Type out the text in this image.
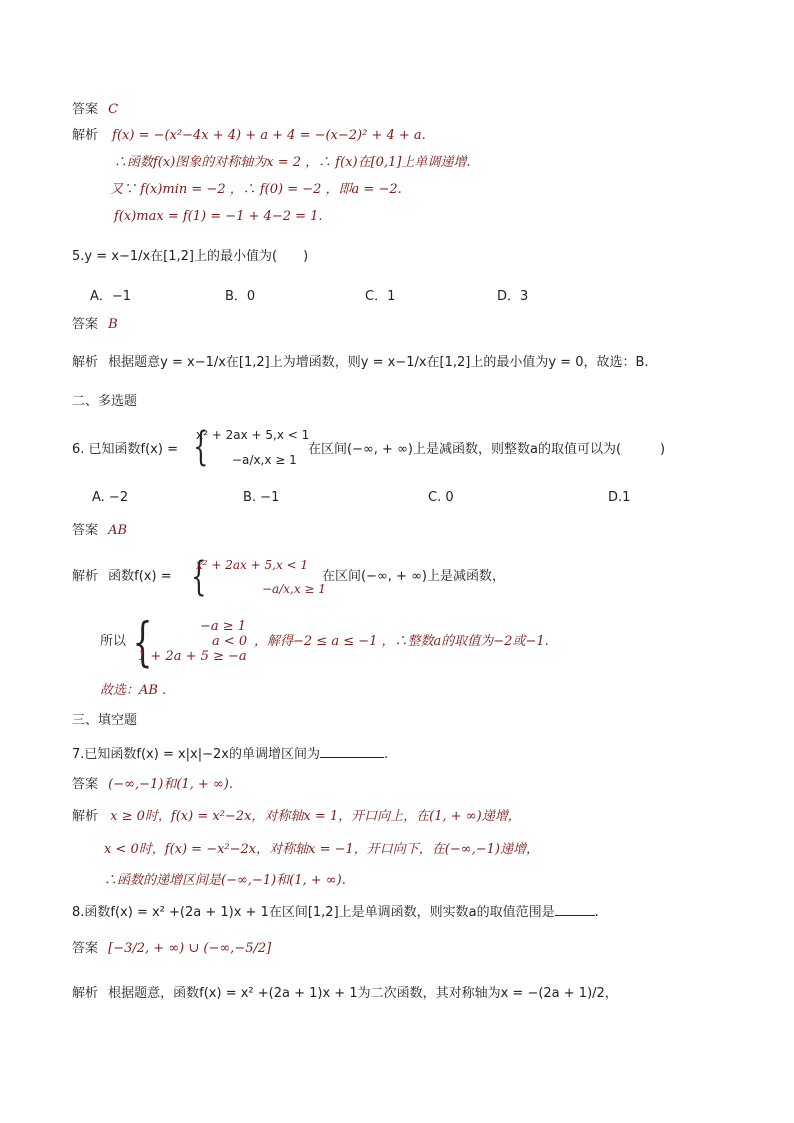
答案 C
解析 f(x) = −(x²−4x + 4) + a + 4 = −(x−2)² + 4 + a.
∴函数f(x)图象的对称轴为x = 2 ，∴ f(x)在[0,1]上单调递增.
又∵ f(x)min = −2 ，∴ f(0) = −2 ，即a = −2.
f(x)max = f(1) = −1 + 4−2 = 1.
5.y = x−1/x在[1,2]上的最小值为(　　)
A．−1	B．0	C．1	D．3
答案 B
解析 根据题意y = x−1/x在[1,2]上为增函数，则y = x−1/x在[1,2]上的最小值为y = 0，故选：B.
二、多选题
6. 已知函数f(x) = {
x² + 2ax + 5,x < 1
−a/x,x ≥ 1
在区间(−∞, + ∞)上是减函数，则整数a的取值可以为(　　　)
A. −2	B. −1	C. 0	D.1
答案 AB
解析 函数f(x) = {
x² + 2ax + 5,x < 1
−a/x,x ≥ 1
在区间(−∞, + ∞)上是减函数，
所以 {	−a ≥ 1
a < 0
1 + 2a + 5 ≥ −a
，解得−2 ≤ a ≤ −1 ，∴整数a的取值为−2或−1.
故选：AB .
三、填空题
7.已知函数f(x) = x|x|−2x的单调增区间为	.
答案 (−∞,−1)和(1, + ∞).
解析 x ≥ 0时，f(x) = x²−2x，对称轴x = 1，开口向上，在(1, + ∞)递增，
x < 0时，f(x) = −x²−2x，对称轴x = −1，开口向下，在(−∞,−1)递增，
∴函数的递增区间是(−∞,−1)和(1, + ∞).
8.函数f(x) = x² +(2a + 1)x + 1在区间[1,2]上是单调函数，则实数a的取值范围是	.
答案 [−3/2, + ∞) ∪ (−∞,−5/2]
解析 根据题意，函数f(x) = x² +(2a + 1)x + 1为二次函数，其对称轴为x = −(2a + 1)/2，
